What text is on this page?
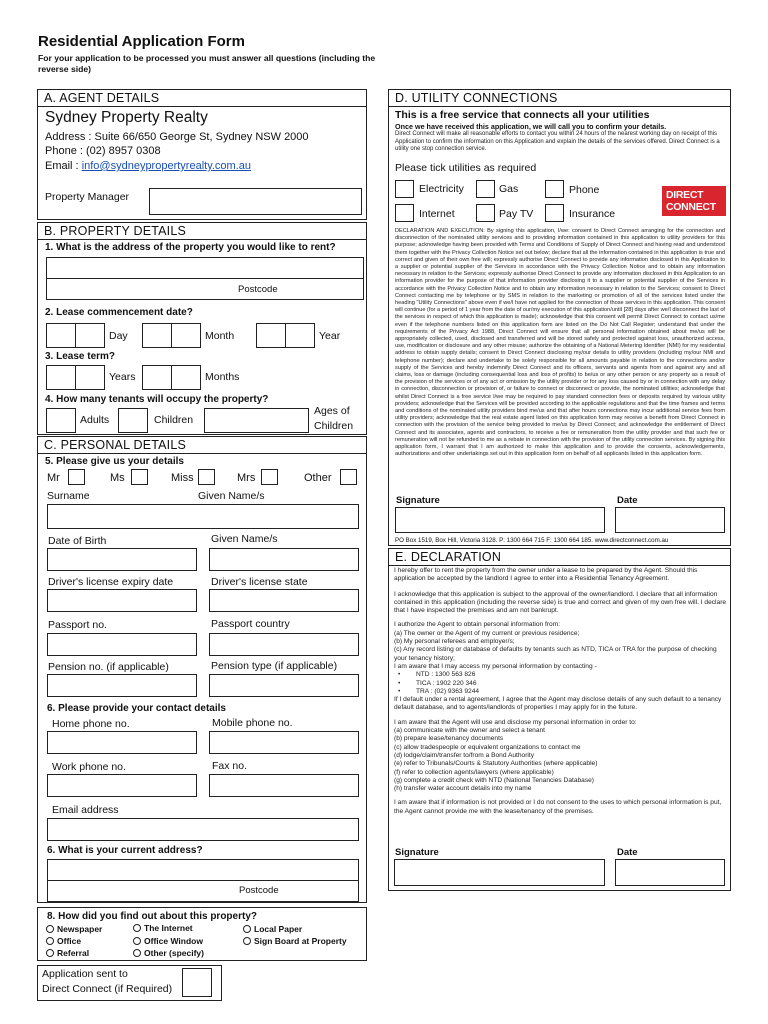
Residential Application Form
For your application to be processed you must answer all questions (including the reverse side)
A. AGENT DETAILS
Sydney Property Realty
Address : Suite 66/650 George St, Sydney NSW 2000
Phone : (02) 8957 0308
Email : info@sydneypropertyrealty.com.au
Property Manager
B. PROPERTY DETAILS
1. What is the address of the property you would like to rent?
Postcode
2. Lease commencement date?
Day	Month	Year
3. Lease term?
Years	Months
4. How many tenants will occupy the property?
Adults	Children
Ages of
Children
C. PERSONAL DETAILS
5. Please give us your details
Mr	Ms	Miss	Mrs	Other
Surname	Given Name/s
Date of Birth	Given Name/s
Driver's license expiry date	Driver's license state
Passport no.	Passport country
Pension no. (if applicable)	Pension type (if applicable)
6. Please provide your contact details
Home phone no.	Mobile phone no.
Work phone no.	Fax no.
Email address
6. What is your current address?
Postcode
8. How did you find out about this property?
Newspaper
Office
Referral
The Internet
Office Window
Other (specify)
Local Paper
Sign Board at Property
Application sent to
Direct Connect (if Required)
D. UTILITY CONNECTIONS
This is a free service that connects all your utilities
Once we have received this application, we will call you to confirm your details.
Direct Connect will make all reasonable efforts to contact you within 24 hours of the nearest working day on receipt of this Application to confirm the information on this Application and explain the details of the services offered. Direct Connect is a utility one stop connection service.
Please tick utilities as required
Electricity	Gas	Phone
Internet	Pay TV	Insurance
DIRECT
CONNECT
DECLARATION AND EXECUTION: By signing this application, I/we: consent to Direct Connect arranging for the connection and disconnection of the nominated utility services and to providing information contained in this application to utility providers for this purpose; acknowledge having been provided with Terms and Conditions of Supply of Direct Connect and having read and understood them together with the Privacy Collection Notice set out below; declare that all the information contained in this application is true and correct and given of their own free will; expressly authorise Direct Connect to provide any information disclosed in this Application to a supplier or potential supplier of the Services in accordance with the Privacy Collection Notice and to obtain any information necessary in relation to the Services; expressly authorise Direct Connect to provide any information disclosed in this Application to an information provider for the purpose of that information provider disclosing it to a supplier or potential supplier of the Services in accordance with the Privacy Collection Notice and to obtain any information necessary in relation to the Services; consent to Direct Connect contacting me by telephone or by SMS in relation to the marketing or promotion of all of the services listed under the heading "Utility Connections" above even if we/I have not applied for the connection of those services in this application. This consent will continue (for a period of 1 year from the date of our/my execution of this application/until [28] days after we/I disconnect the last of the services in respect of which this application is made); acknowledge that this consent will permit Direct Connect to contact us/me even if the telephone numbers listed on this application form are listed on the Do Not Call Register; understand that under the requirements of the Privacy Act 1988, Direct Connect will ensure that all personal information obtained about me/us will be appropriately collected, used, disclosed and transferred and will be stored safely and protected against loss, unauthorized access, use, modification or disclosure and any other misuse; authorize the obtaining of a National Metering Identifier (NMI) for my residential address to obtain supply details; consent to Direct Connect disclosing my/our details to utility providers (including my/our NMI and telephone number); declare and undertake to be solely responsible for all amounts payable in relation to the connections and/or supply of the Services and hereby indemnify Direct Connect and its officers, servants and agents from and against any and all claims, loss or damage (including consequential loss and loss of profits) to be/us or any other person or any property as a result of the provision of the services or of any act or omission by the utility provider or for any loss caused by or in connection with any delay in connection, disconnection or provision of, or failure to connect or disconnect or provide, the nominated utilities; acknowledge that whilst Direct Connect is a free service I/we may be required to pay standard connection fees or deposits required by various utility providers; acknowledge that the Services will be provided according to the applicable regulations and that the time frames and terms and conditions of the nominated utility providers bind me/us and that after hours connections may incur additional service fees from utility providers; acknowledge that the real estate agent listed on this application form may receive a benefit from Direct Connect in connection with the provision of the service being provided to me/us by Direct Connect; and acknowledge the entitlement of Direct Connect and its associates, agents and contractors, to receive a fee or remuneration from the utility provider and that such fee or remuneration will not be refunded to me as a rebate in connection with the provision of the utility connection services. By signing this application form, I warrant that I am authorized to make this application and to provide the consents, acknowledgements, authorizations and other undertakings set out in this application form on behalf of all applicants listed in this application form.
Signature	Date
PO Box 1519, Box Hill, Victoria 3128. P: 1300 664 715 F: 1300 664 185. www.directconnect.com.au
E. DECLARATION

I hereby offer to rent the property from the owner under a lease to be prepared by the Agent. Should this application be accepted by the landlord I agree to enter into a Residential Tenancy Agreement.

I acknowledge that this application is subject to the approval of the owner/landlord. I declare that all information contained in this application (including the reverse side) is true and correct and given of my own free will. I declare that I have inspected the premises and am not bankrupt.

I authorize the Agent to obtain personal information from:

(a) The owner or the Agent of my current or previous residence;

(b) My personal referees and employer/s;

(c) Any record listing or database of defaults by tenants such as NTD, TICA or TRA for the purpose of checking your tenancy history;

I am aware that I may access my personal information by contacting -

• NTD : 1300 563 826
• TICA : 1902 220 346
• TRA : (02) 9363 9244

If I default under a rental agreement, I agree that the Agent may disclose details of any such default to a tenancy default database, and to agents/landlords of properties I may apply for in the future.

I am aware that the Agent will use and disclose my personal information in order to:

(a) communicate with the owner and select a tenant

(b) prepare lease/tenancy documents

(c) allow tradespeople or equivalent organizations to contact me

(d) lodge/claim/transfer to/from a Bond Authority

(e) refer to Tribunals/Courts & Statutory Authorities (where applicable)

(f) refer to collection agents/lawyers (where applicable)

(g) complete a credit check with NTD (National Tenancies Database)

(h) transfer water account details into my name

I am aware that if information is not provided or I do not consent to the uses to which personal information is put, the Agent cannot provide me with the lease/tenancy of the premises.

Signature	Date
